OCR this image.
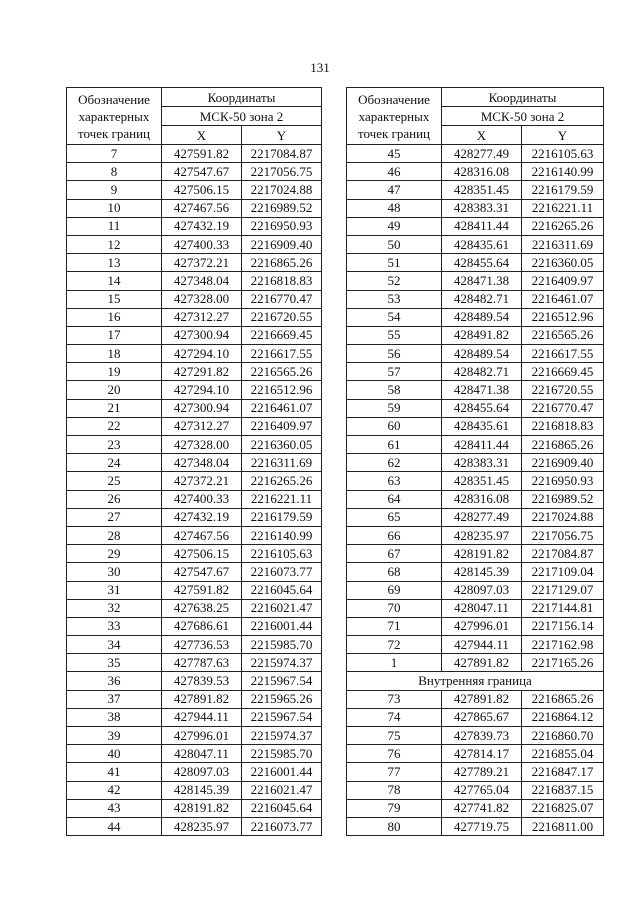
131
Обозначение
характерных
точек границ	Координаты	
	МСК-50 зона 2	
	X	Y
7	427591.82	2217084.87
8	427547.67	2217056.75
9	427506.15	2217024.88
10	427467.56	2216989.52
11	427432.19	2216950.93
12	427400.33	2216909.40
13	427372.21	2216865.26
14	427348.04	2216818.83
15	427328.00	2216770.47
16	427312.27	2216720.55
17	427300.94	2216669.45
18	427294.10	2216617.55
19	427291.82	2216565.26
20	427294.10	2216512.96
21	427300.94	2216461.07
22	427312.27	2216409.97
23	427328.00	2216360.05
24	427348.04	2216311.69
25	427372.21	2216265.26
26	427400.33	2216221.11
27	427432.19	2216179.59
28	427467.56	2216140.99
29	427506.15	2216105.63
30	427547.67	2216073.77
31	427591.82	2216045.64
32	427638.25	2216021.47
33	427686.61	2216001.44
34	427736.53	2215985.70
35	427787.63	2215974.37
36	427839.53	2215967.54
37	427891.82	2215965.26
38	427944.11	2215967.54
39	427996.01	2215974.37
40	428047.11	2215985.70
41	428097.03	2216001.44
42	428145.39	2216021.47
43	428191.82	2216045.64
44	428235.97	2216073.77
Обозначение
характерных
точек границ	Координаты	
	МСК-50 зона 2	
	X	Y
45	428277.49	2216105.63
46	428316.08	2216140.99
47	428351.45	2216179.59
48	428383.31	2216221.11
49	428411.44	2216265.26
50	428435.61	2216311.69
51	428455.64	2216360.05
52	428471.38	2216409.97
53	428482.71	2216461.07
54	428489.54	2216512.96
55	428491.82	2216565.26
56	428489.54	2216617.55
57	428482.71	2216669.45
58	428471.38	2216720.55
59	428455.64	2216770.47
60	428435.61	2216818.83
61	428411.44	2216865.26
62	428383.31	2216909.40
63	428351.45	2216950.93
64	428316.08	2216989.52
65	428277.49	2217024.88
66	428235.97	2217056.75
67	428191.82	2217084.87
68	428145.39	2217109.04
69	428097.03	2217129.07
70	428047.11	2217144.81
71	427996.01	2217156.14
72	427944.11	2217162.98
1	427891.82	2217165.26
Внутренняя граница		
73	427891.82	2216865.26
74	427865.67	2216864.12
75	427839.73	2216860.70
76	427814.17	2216855.04
77	427789.21	2216847.17
78	427765.04	2216837.15
79	427741.82	2216825.07
80	427719.75	2216811.00
